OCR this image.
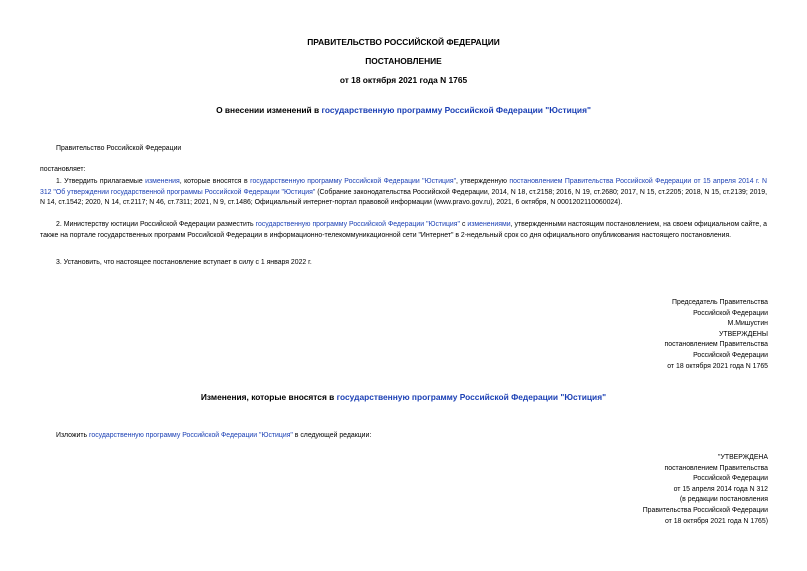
ПРАВИТЕЛЬСТВО РОССИЙСКОЙ ФЕДЕРАЦИИ
ПОСТАНОВЛЕНИЕ
от 18 октября 2021 года N 1765
О внесении изменений в государственную программу Российской Федерации "Юстиция"
Правительство Российской Федерации
постановляет:
1. Утвердить прилагаемые изменения, которые вносятся в государственную программу Российской Федерации "Юстиция", утвержденную постановлением Правительства Российской Федерации от 15 апреля 2014 г. N 312 "Об утверждении государственной программы Российской Федерации "Юстиция" (Собрание законодательства Российской Федерации, 2014, N 18, ст.2158; 2016, N 19, ст.2680; 2017, N 15, ст.2205; 2018, N 15, ст.2139; 2019, N 14, ст.1542; 2020, N 14, ст.2117; N 46, ст.7311; 2021, N 9, ст.1486; Официальный интернет-портал правовой информации (www.pravo.gov.ru), 2021, 6 октября, N 0001202110060024).
2. Министерству юстиции Российской Федерации разместить государственную программу Российской Федерации "Юстиция" с изменениями, утвержденными настоящим постановлением, на своем официальном сайте, а также на портале государственных программ Российской Федерации в информационно-телекоммуникационной сети "Интернет" в 2-недельный срок со дня официального опубликования настоящего постановления.
3. Установить, что настоящее постановление вступает в силу с 1 января 2022 г.
Председатель Правительства
Российской Федерации
М.Мишустин
УТВЕРЖДЕНЫ
постановлением Правительства
Российской Федерации
от 18 октября 2021 года N 1765
Изменения, которые вносятся в государственную программу Российской Федерации "Юстиция"
Изложить государственную программу Российской Федерации "Юстиция" в следующей редакции:
"УТВЕРЖДЕНА
постановлением Правительства
Российской Федерации
от 15 апреля 2014 года N 312
(в редакции постановления
Правительства Российской Федерации
от 18 октября 2021 года N 1765)
